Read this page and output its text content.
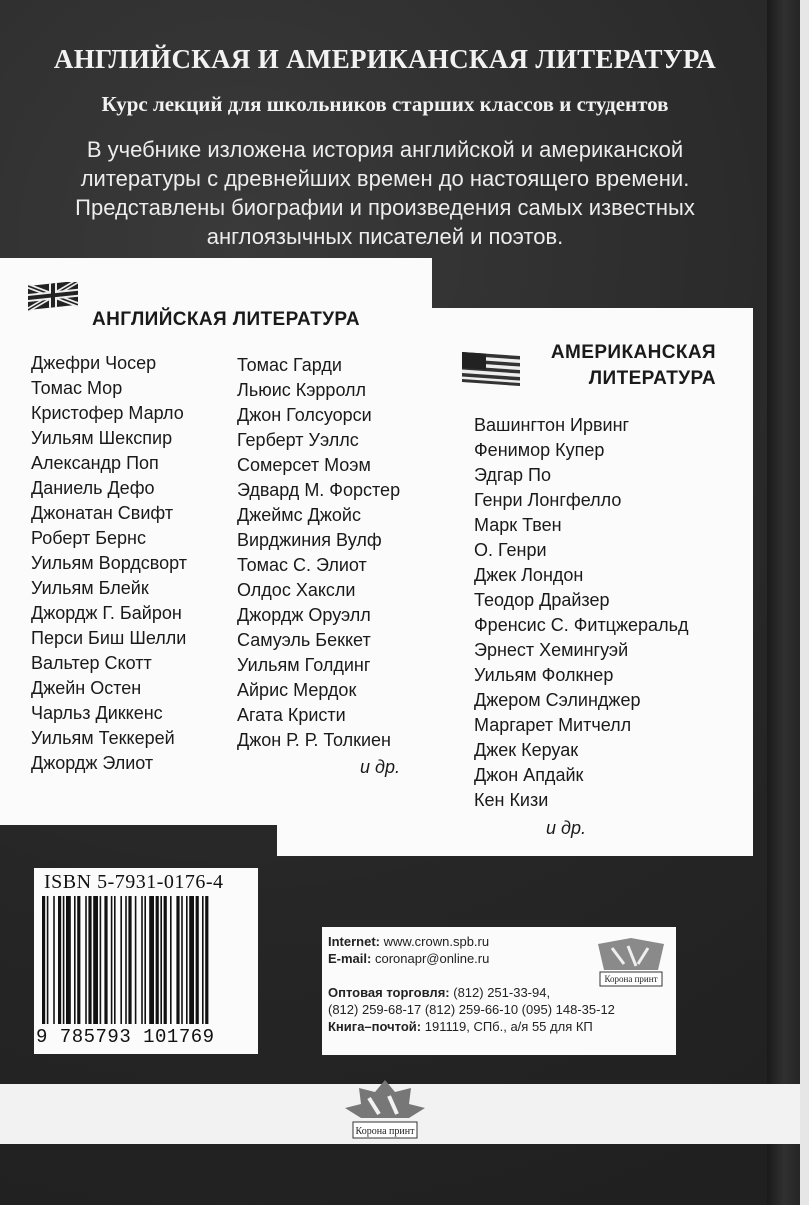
АНГЛИЙСКАЯ И АМЕРИКАНСКАЯ ЛИТЕРАТУРА
Курс лекций для школьников старших классов и студентов
В учебнике изложена история английской и американской
литературы с древнейших времен до настоящего времени.
Представлены биографии и произведения самых известных
англоязычных писателей и поэтов.
АНГЛИЙСКАЯ ЛИТЕРАТУРА
Джефри Чосер
Томас Мор
Кристофер Марло
Уильям Шекспир
Александр Поп
Даниель Дефо
Джонатан Свифт
Роберт Бернс
Уильям Вордсворт
Уильям Блейк
Джордж Г. Байрон
Перси Биш Шелли
Вальтер Скотт
Джейн Остен
Чарльз Диккенс
Уильям Теккерей
Джордж Элиот
Томас Гарди
Льюис Кэрролл
Джон Голсуорси
Герберт Уэллс
Сомерсет Моэм
Эдвард М. Форстер
Джеймс Джойс
Вирджиния Вулф
Томас С. Элиот
Олдос Хаксли
Джордж Оруэлл
Самуэль Беккет
Уильям Голдинг
Айрис Мердок
Агата Кристи
Джон Р. Р. Толкиен
и др.
АМЕРИКАНСКАЯ
ЛИТЕРАТУРА
Вашингтон Ирвинг
Фенимор Купер
Эдгар По
Генри Лонгфелло
Марк Твен
О. Генри
Джек Лондон
Теодор Драйзер
Френсис С. Фитцжеральд
Эрнест Хемингуэй
Уильям Фолкнер
Джером Сэлинджер
Маргарет Митчелл
Джек Керуак
Джон Апдайк
Кен Кизи
и др.
ISBN 5-7931-0176-4
9 785793 101769
Internet: www.crown.spb.ru
E-mail: coronapr@online.ru
Оптовая торговля: (812) 251-33-94,
(812) 259-68-17 (812) 259-66-10 (095) 148-35-12
Книга–почтой: 191119, СПб., а/я 55 для КП
Корона принт
Корона принт
